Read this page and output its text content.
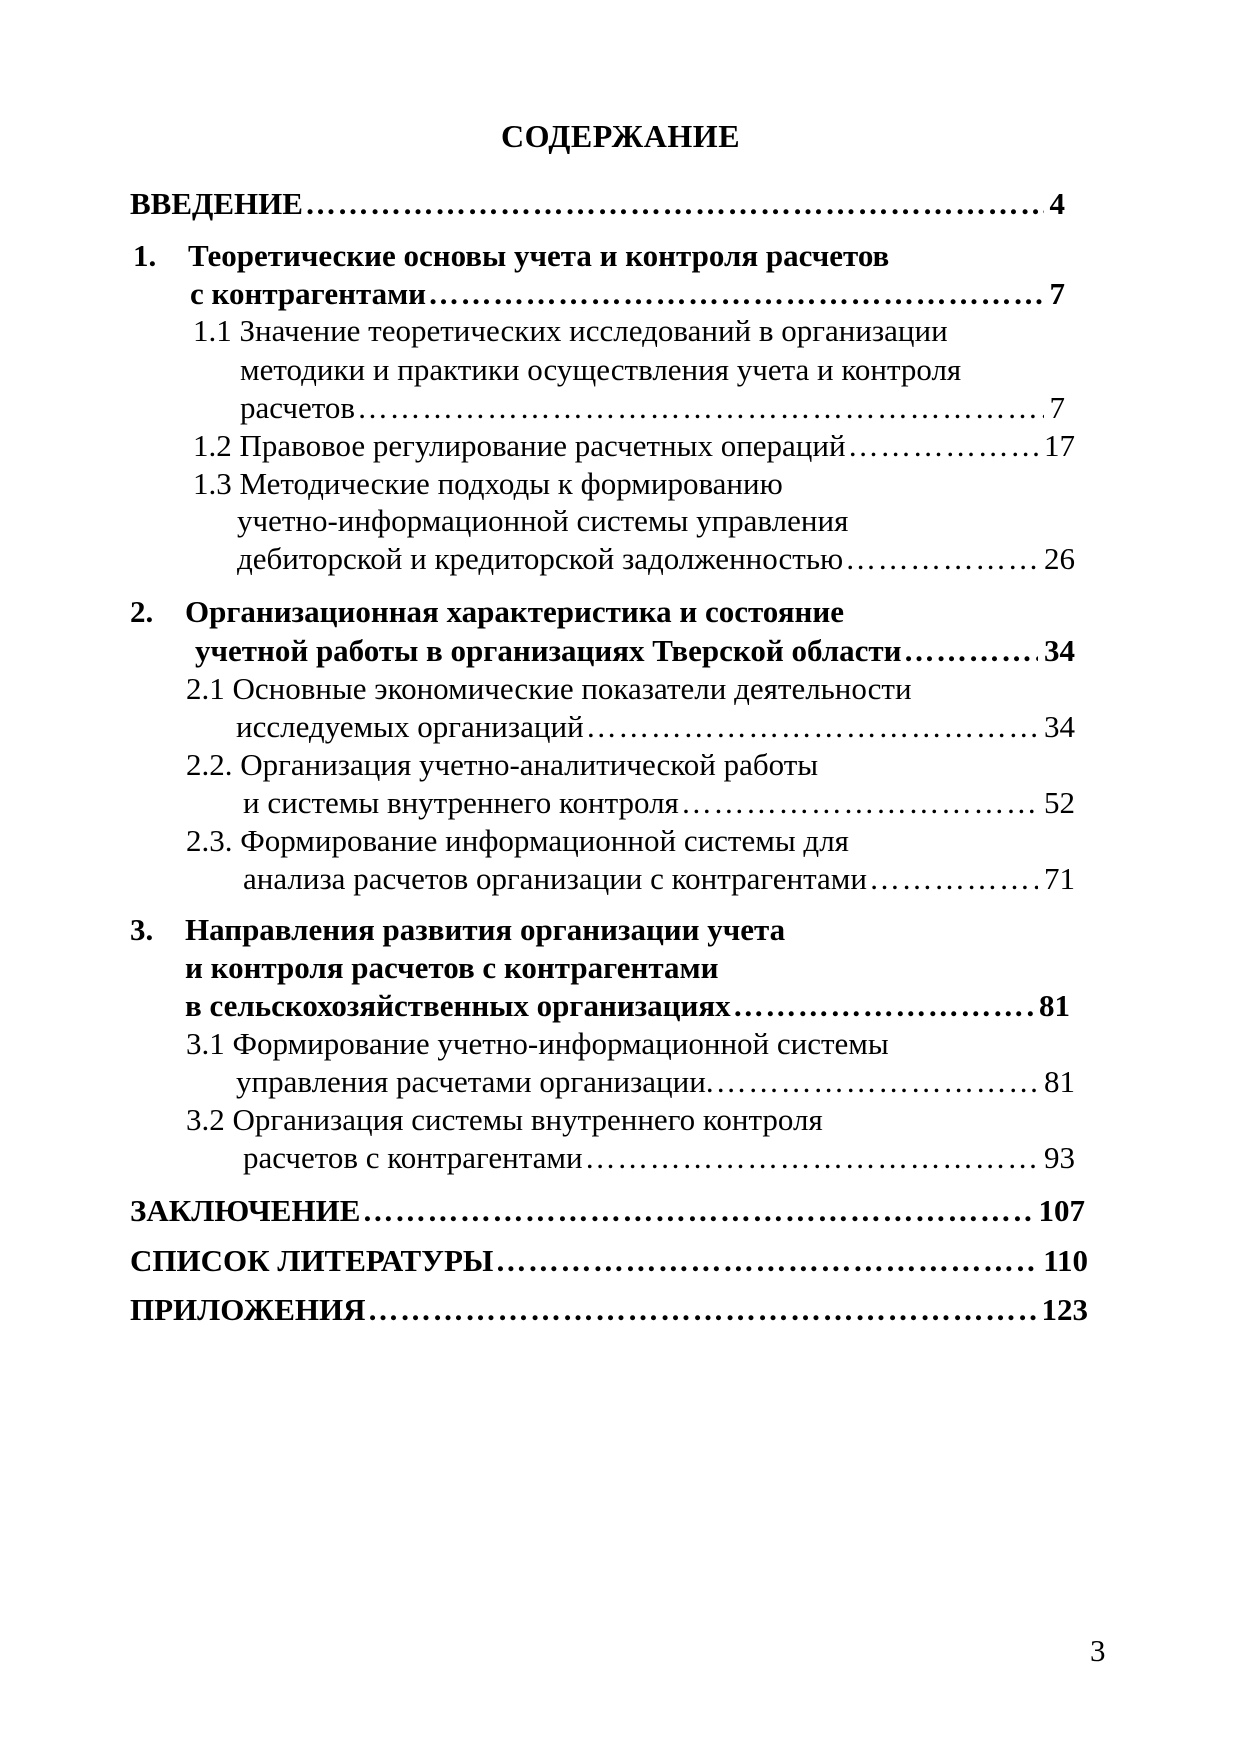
СОДЕРЖАНИЕ
ВВЕДЕНИЕ ………………………………………………………………………………………………………………………………………………	4
1.	Теоретические основы учета и контроля расчетов
с контрагентами ………………………………………………………………………………………………………………………………………………	7
1.1 Значение теоретических исследований в организации
методики и практики осуществления учета и контроля
расчетов ………………………………………………………………………………………………………………………………………………	7
1.2 Правовое регулирование расчетных операций ………………………………………………………………………………………………………………………………………………	17
1.3 Методические подходы к формированию
учетно-информационной системы управления
дебиторской и кредиторской задолженностью ………………………………………………………………………………………………………………………………………………	26
2.	Организационная характеристика и состояние
учетной работы в организациях Тверской области ………………………………………………………………………………………………………………………………………………	34
2.1 Основные экономические показатели деятельности
исследуемых организаций ………………………………………………………………………………………………………………………………………………	34
2.2. Организация учетно-аналитической работы
и системы внутреннего контроля ………………………………………………………………………………………………………………………………………………	52
2.3. Формирование информационной системы для
анализа расчетов организации с контрагентами ………………………………………………………………………………………………………………………………………………	71
3.	Направления развития организации учета
и контроля расчетов с контрагентами
в сельскохозяйственных организациях ………………………………………………………………………………………………………………………………………………	81
3.1 Формирование учетно-информационной системы
управления расчетами организации. ………………………………………………………………………………………………………………………………………………	81
3.2 Организация системы внутреннего контроля
расчетов с контрагентами ………………………………………………………………………………………………………………………………………………	93
ЗАКЛЮЧЕНИЕ ………………………………………………………………………………………………………………………………………………	107
СПИСОК ЛИТЕРАТУРЫ ………………………………………………………………………………………………………………………………………………	110
ПРИЛОЖЕНИЯ ………………………………………………………………………………………………………………………………………………	123
3
